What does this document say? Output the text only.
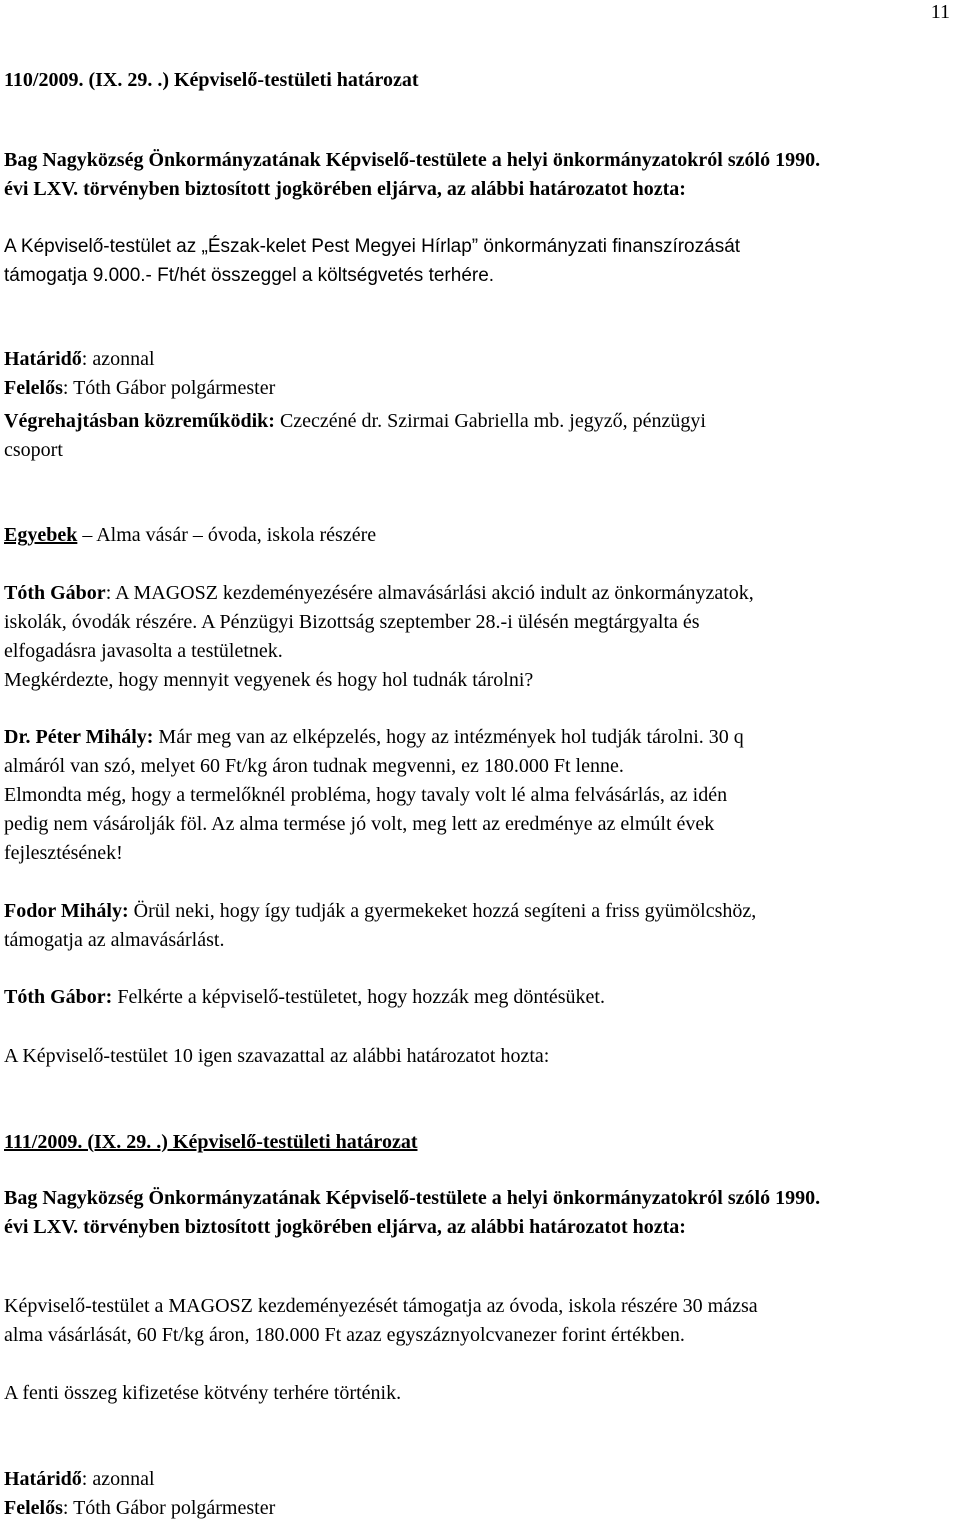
11
110/2009. (IX. 29. .) Képviselő-testületi határozat
Bag Nagyközség Önkormányzatának Képviselő-testülete a helyi önkormányzatokról szóló 1990.
évi LXV. törvényben biztosított jogkörében eljárva, az alábbi határozatot hozta:
A Képviselő-testület az „Észak-kelet Pest Megyei Hírlap” önkormányzati finanszírozását
támogatja 9.000.- Ft/hét összeggel a költségvetés terhére.
Határidő: azonnal
Felelős: Tóth Gábor polgármester
Végrehajtásban közreműködik: Czeczéné dr. Szirmai Gabriella mb. jegyző, pénzügyi
csoport
Egyebek – Alma vásár – óvoda, iskola részére
Tóth Gábor: A MAGOSZ kezdeményezésére almavásárlási akció indult az önkormányzatok,
iskolák, óvodák részére. A Pénzügyi Bizottság szeptember 28.-i ülésén megtárgyalta és
elfogadásra javasolta a testületnek.
Megkérdezte, hogy mennyit vegyenek és hogy hol tudnák tárolni?
Dr. Péter Mihály: Már meg van az elképzelés, hogy az intézmények hol tudják tárolni. 30 q
almáról van szó, melyet 60 Ft/kg áron tudnak megvenni, ez 180.000 Ft lenne.
Elmondta még, hogy a termelőknél probléma, hogy tavaly volt lé alma felvásárlás, az idén
pedig nem vásárolják föl. Az alma termése jó volt, meg lett az eredménye az elmúlt évek
fejlesztésének!
Fodor Mihály: Örül neki, hogy így tudják a gyermekeket hozzá segíteni a friss gyümölcshöz,
támogatja az almavásárlást.
Tóth Gábor: Felkérte a képviselő-testületet, hogy hozzák meg döntésüket.
A Képviselő-testület 10 igen szavazattal az alábbi határozatot hozta:
111/2009. (IX. 29. .) Képviselő-testületi határozat
Bag Nagyközség Önkormányzatának Képviselő-testülete a helyi önkormányzatokról szóló 1990.
évi LXV. törvényben biztosított jogkörében eljárva, az alábbi határozatot hozta:
Képviselő-testület a MAGOSZ kezdeményezését támogatja az óvoda, iskola részére 30 mázsa
alma vásárlását, 60 Ft/kg áron, 180.000 Ft azaz egyszáznyolcvanezer forint értékben.
A fenti összeg kifizetése kötvény terhére történik.
Határidő: azonnal
Felelős: Tóth Gábor polgármester
